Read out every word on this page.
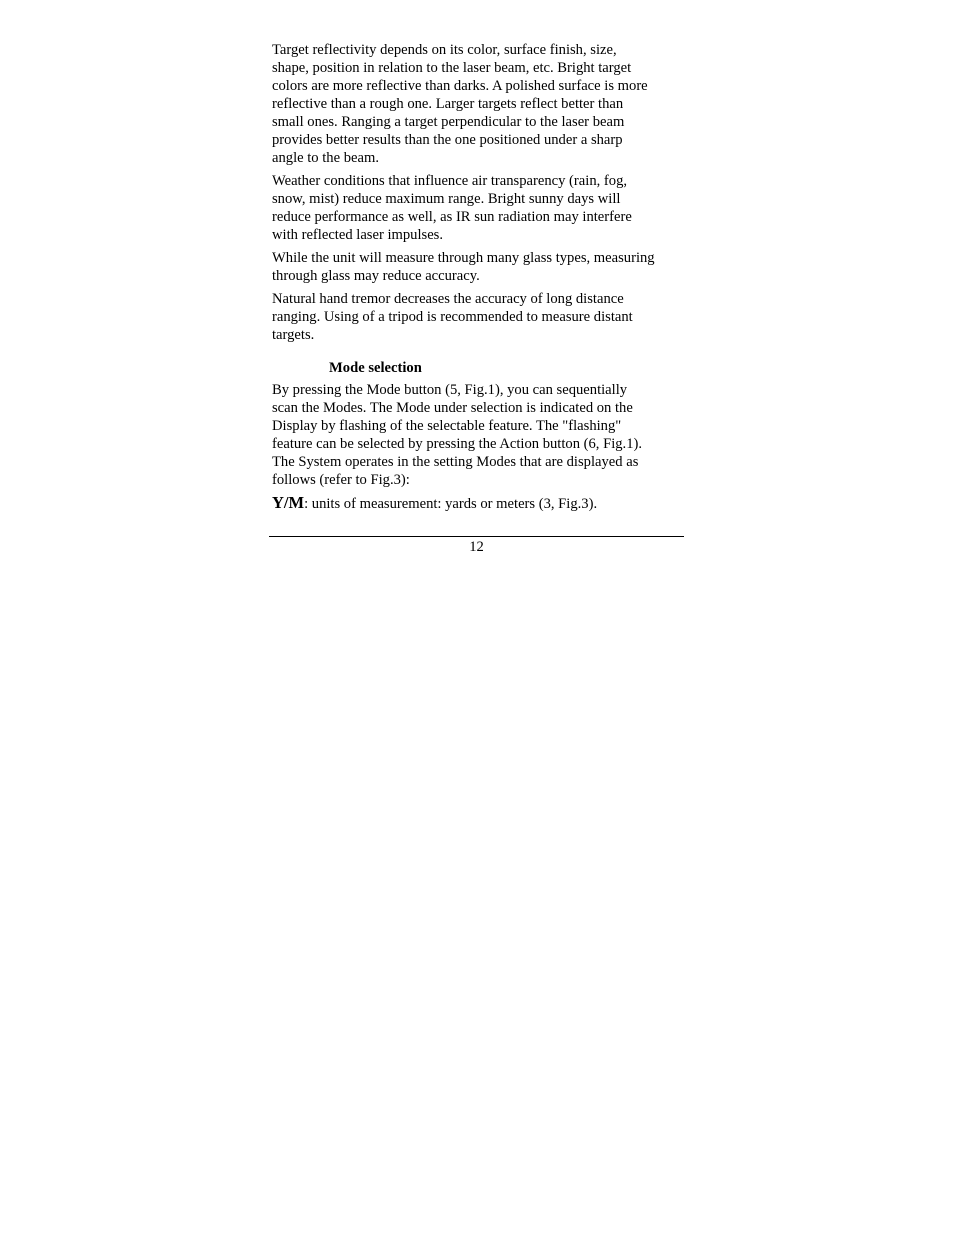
Target reflectivity depends on its color, surface finish, size,
shape, position in relation to the laser beam, etc. Bright target
colors are more reflective than darks. A polished surface is more
reflective than a rough one. Larger targets reflect better than
small ones. Ranging a target perpendicular to the laser beam
provides better results than the one positioned under a sharp
angle to the beam.

Weather conditions that influence air transparency (rain, fog,
snow, mist) reduce maximum range. Bright sunny days will
reduce performance as well, as IR sun radiation may interfere
with reflected laser impulses.

While the unit will measure through many glass types, measuring
through glass may reduce accuracy.

Natural hand tremor decreases the accuracy of long distance
ranging. Using of a tripod is recommended to measure distant
targets.

Mode selection

By pressing the Mode button (5, Fig.1), you can sequentially
scan the Modes. The Mode under selection is indicated on the
Display by flashing of the selectable feature. The "flashing"
feature can be selected by pressing the Action button (6, Fig.1).
The System operates in the setting Modes that are displayed as
follows (refer to Fig.3):

Y/M: units of measurement: yards or meters (3, Fig.3).

12
